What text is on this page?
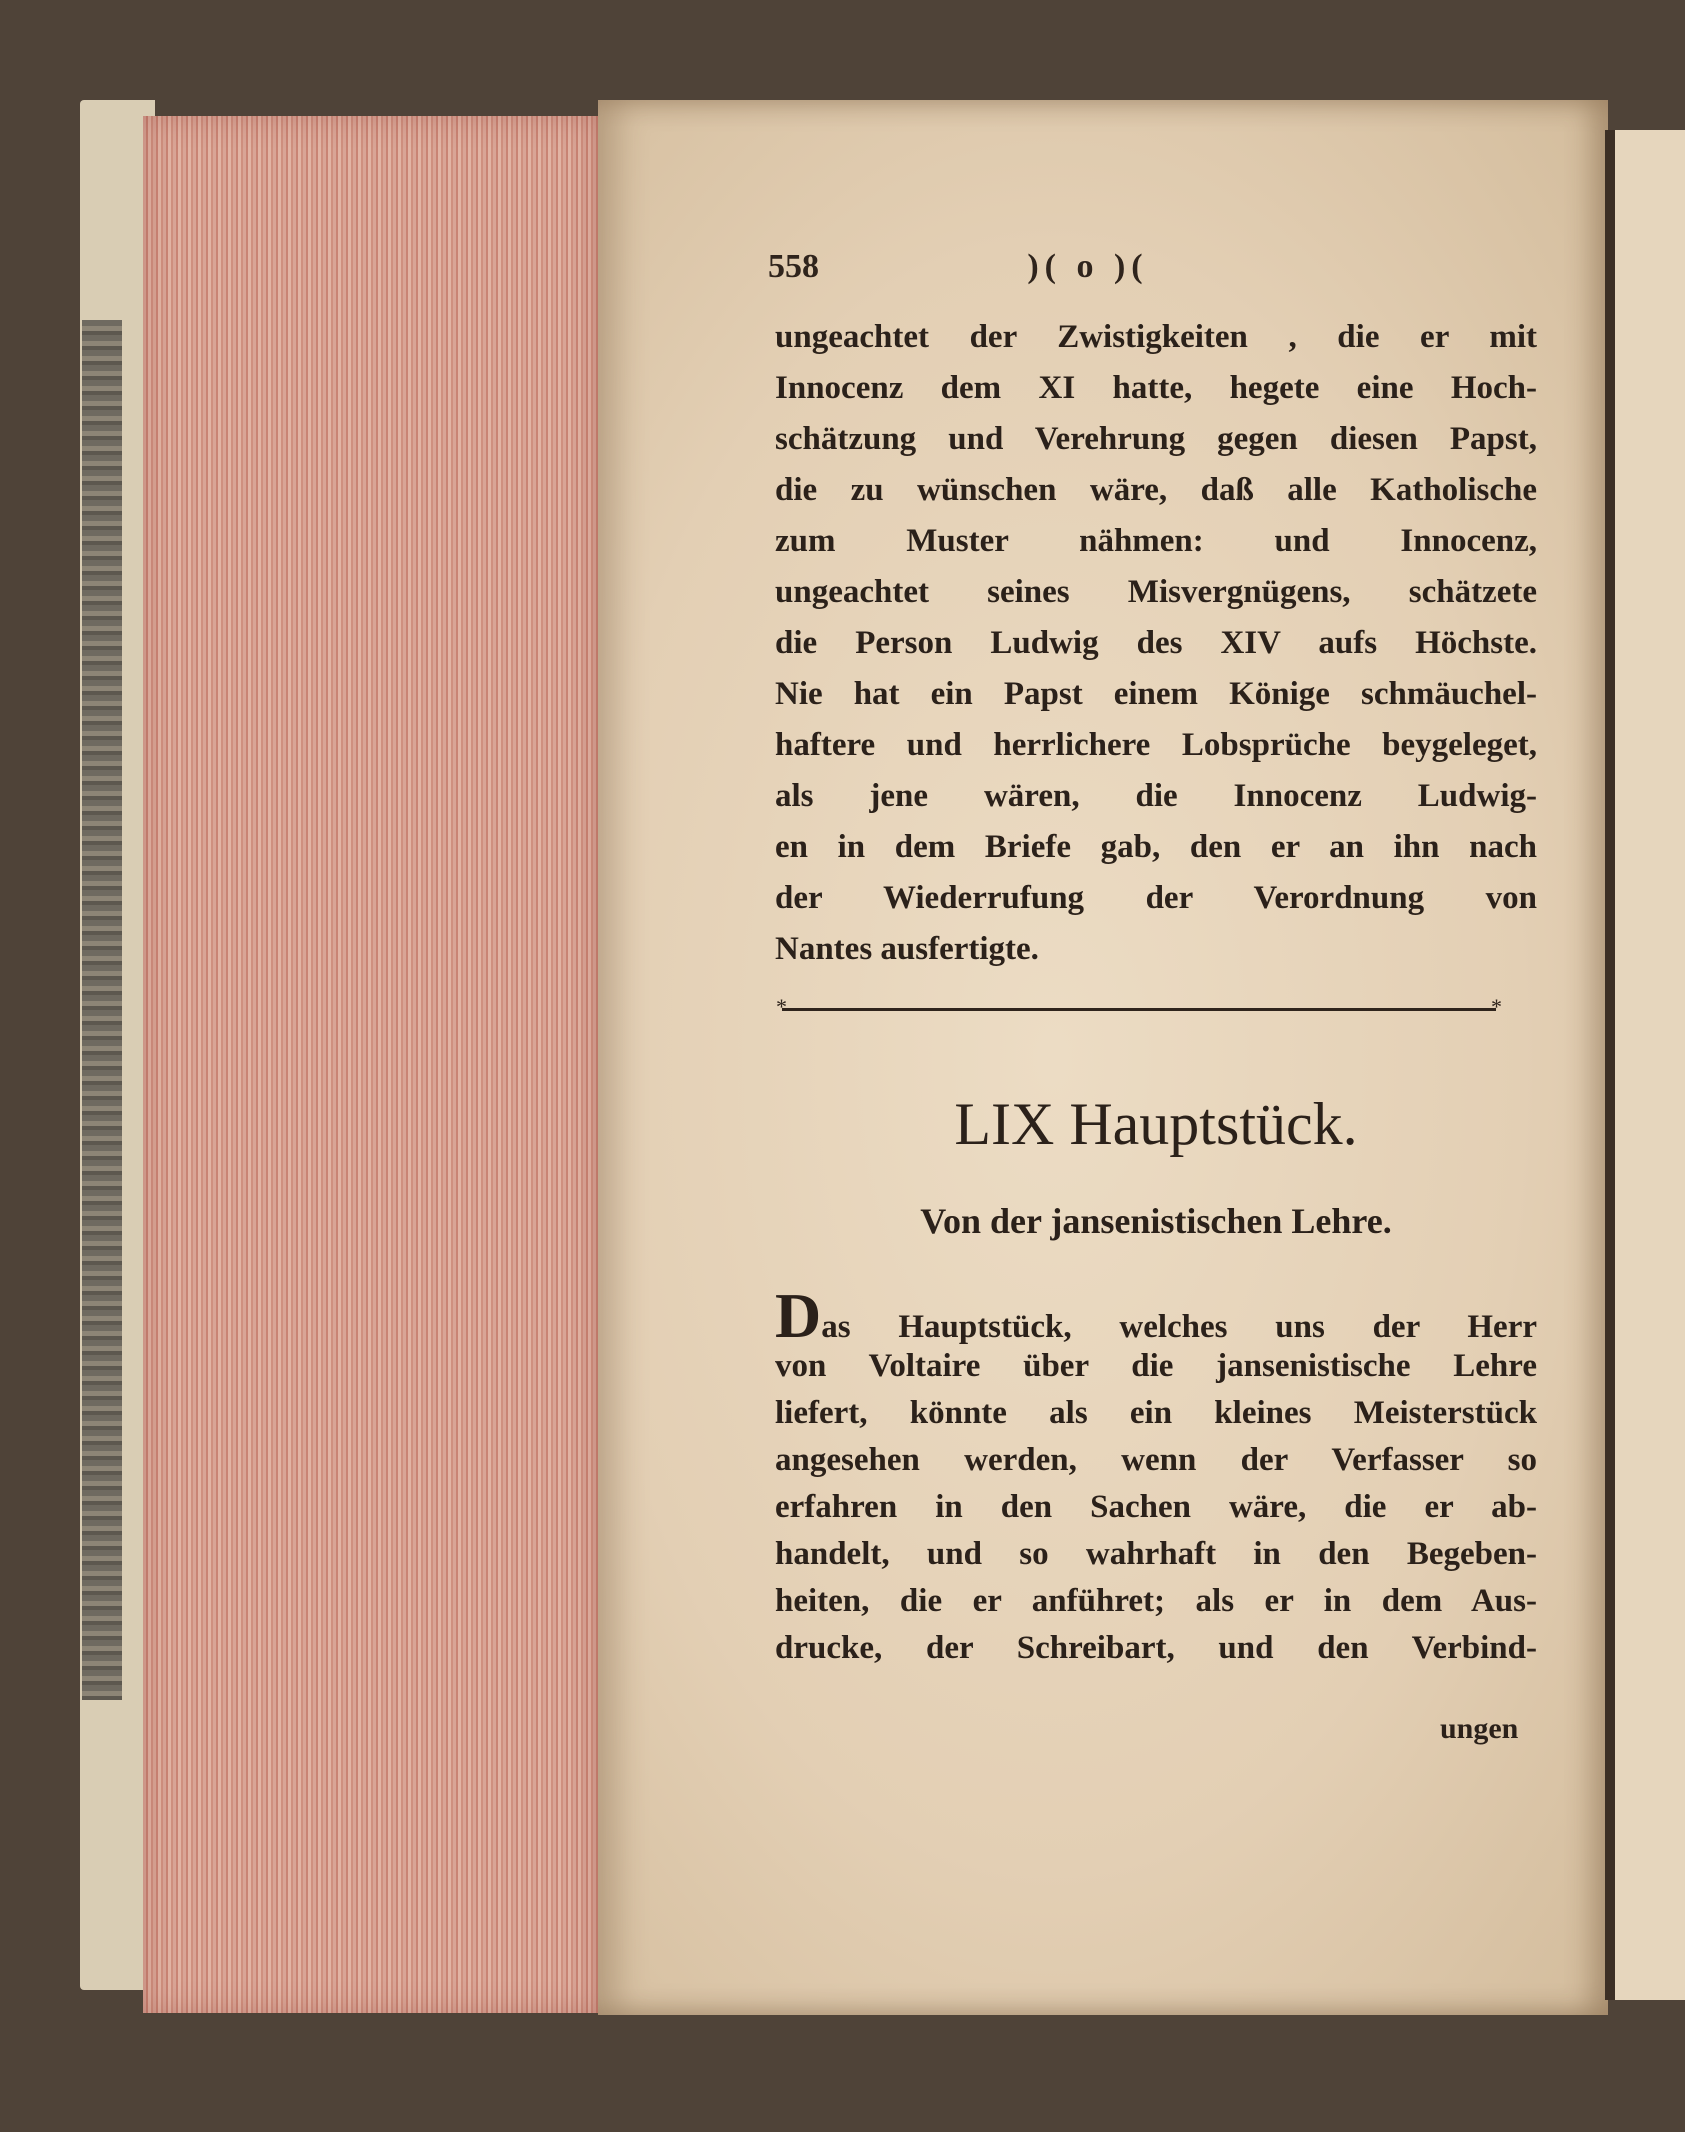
558	)( o )(
ungeachtet der Zwistigkeiten , die er mit
Innocenz dem XI hatte, hegete eine Hoch-
schätzung und Verehrung gegen diesen Papst,
die zu wünschen wäre, daß alle Katholische
zum Muster nähmen: und Innocenz,
ungeachtet seines Misvergnügens, schätzete
die Person Ludwig des XIV aufs Höchste.
Nie hat ein Papst einem Könige schmäuchel-
haftere und herrlichere Lobsprüche beygeleget,
als jene wären, die Innocenz Ludwig-
en in dem Briefe gab, den er an ihn nach
der Wiederrufung der Verordnung von
Nantes ausfertigte.
* *
LIX Hauptstück.
Von der jansenistischen Lehre.
Das Hauptstück, welches uns der Herr
von Voltaire über die jansenistische Lehre
liefert, könnte als ein kleines Meisterstück
angesehen werden, wenn der Verfasser so
erfahren in den Sachen wäre, die er ab-
handelt, und so wahrhaft in den Begeben-
heiten, die er anführet; als er in dem Aus-
drucke, der Schreibart, und den Verbind-
ungen
